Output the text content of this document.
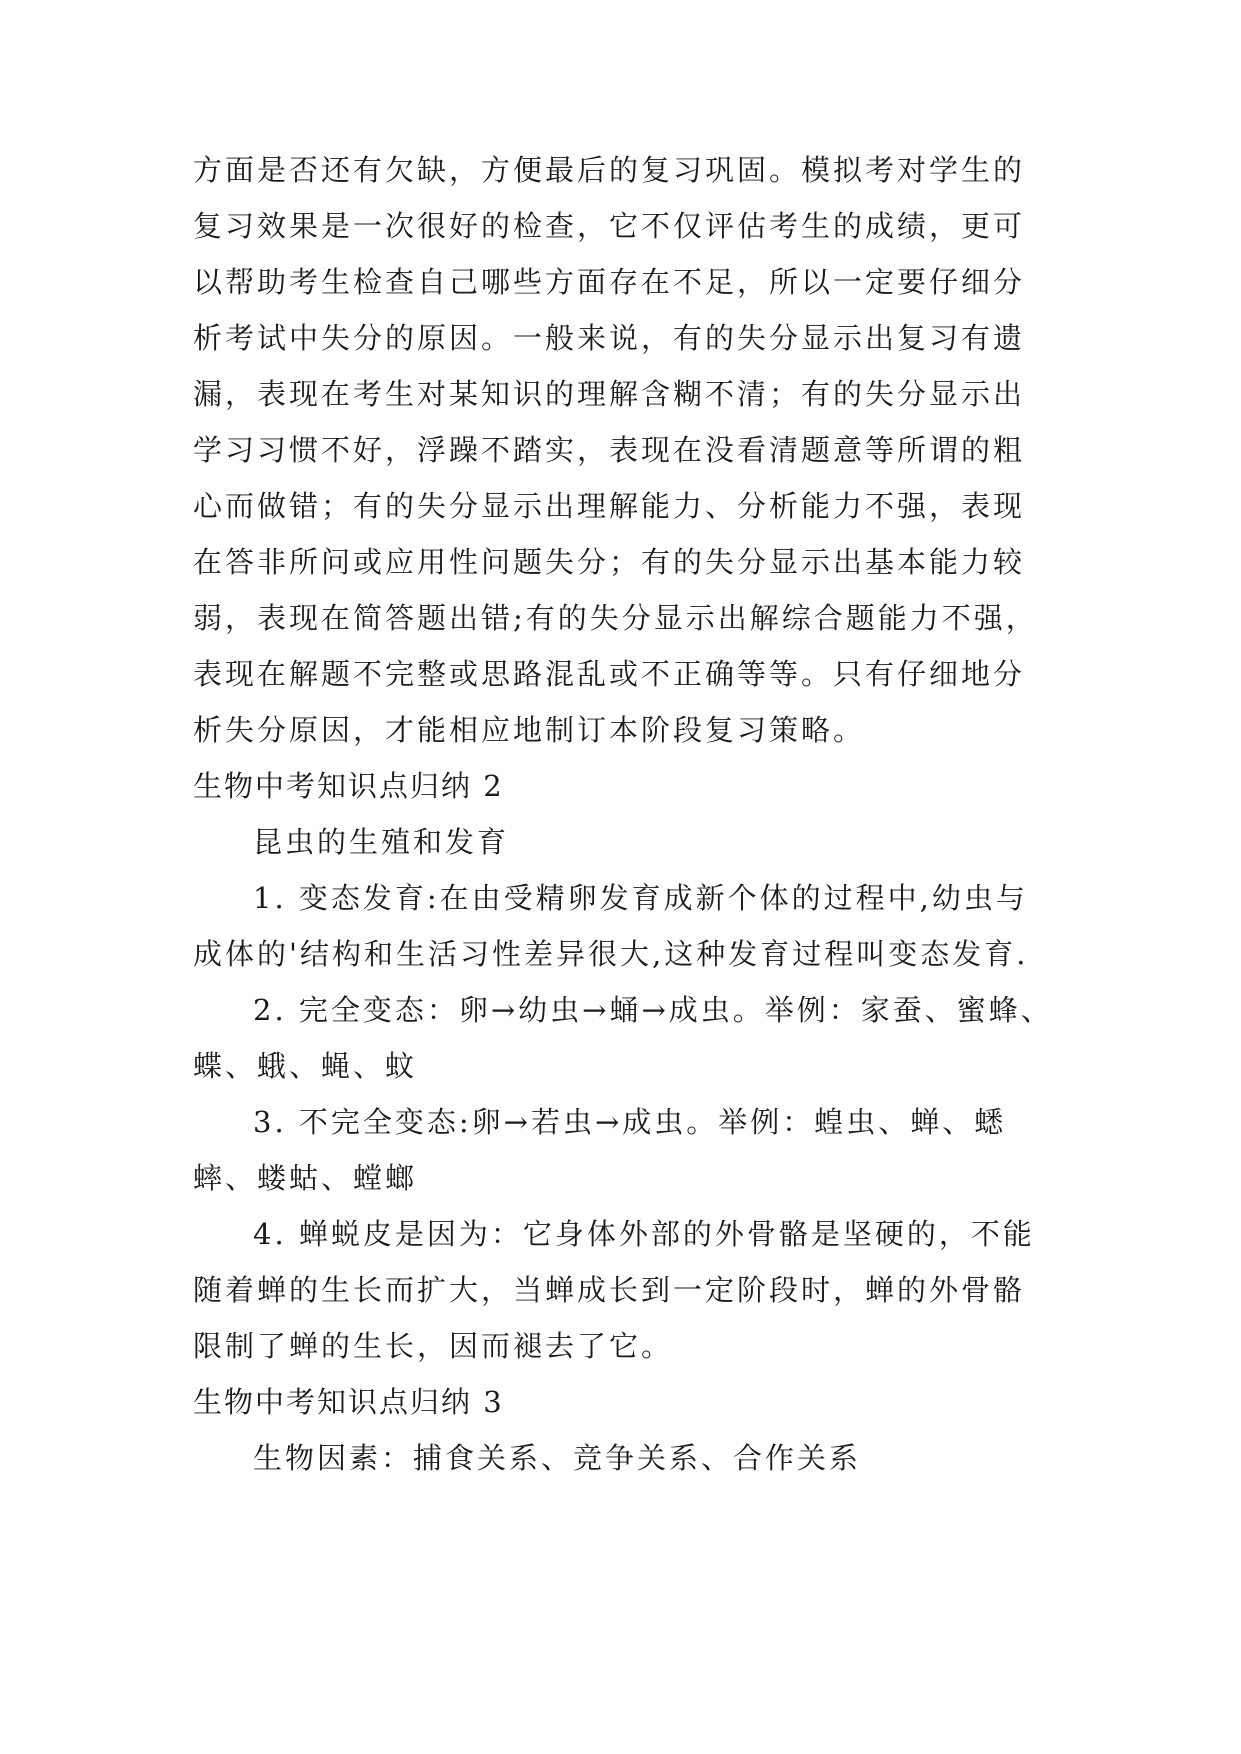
方面是否还有欠缺，方便最后的复习巩固。模拟考对学生的
复习效果是一次很好的检查，它不仅评估考生的成绩，更可
以帮助考生检查自己哪些方面存在不足，所以一定要仔细分
析考试中失分的原因。一般来说，有的失分显示出复习有遗
漏，表现在考生对某知识的理解含糊不清；有的失分显示出
学习习惯不好，浮躁不踏实，表现在没看清题意等所谓的粗
心而做错；有的失分显示出理解能力、分析能力不强，表现
在答非所问或应用性问题失分；有的失分显示出基本能力较
弱，表现在简答题出错;有的失分显示出解综合题能力不强，
表现在解题不完整或思路混乱或不正确等等。只有仔细地分
析失分原因，才能相应地制订本阶段复习策略。
生物中考知识点归纳 2
昆虫的生殖和发育
1. 变态发育:在由受精卵发育成新个体的过程中,幼虫与
成体的'结构和生活习性差异很大,这种发育过程叫变态发育.
2. 完全变态：卵→幼虫→蛹→成虫。举例：家蚕、蜜蜂、
蝶、蛾、蝇、蚊
3. 不完全变态:卵→若虫→成虫。举例：蝗虫、蝉、蟋
蟀、蝼蛄、螳螂
4. 蝉蜕皮是因为：它身体外部的外骨骼是坚硬的，不能
随着蝉的生长而扩大，当蝉成长到一定阶段时，蝉的外骨骼
限制了蝉的生长，因而褪去了它。
生物中考知识点归纳 3
生物因素：捕食关系、竞争关系、合作关系
